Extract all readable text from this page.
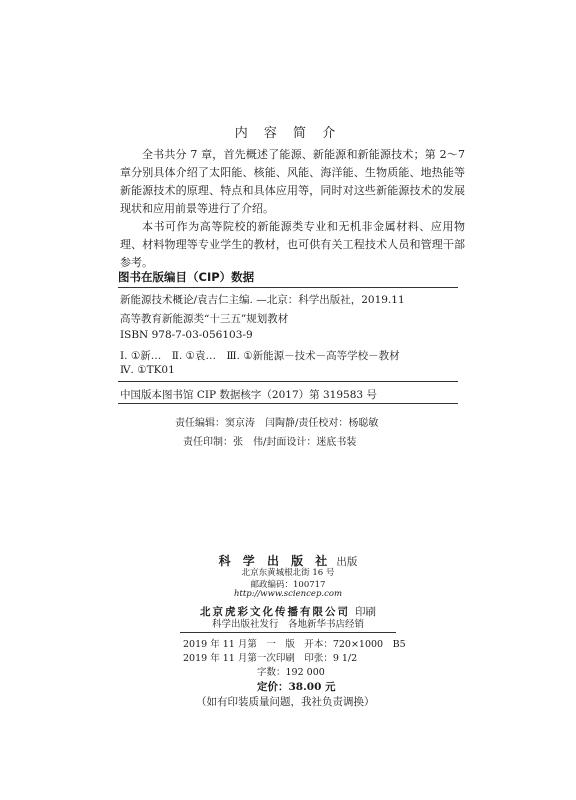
内 容 简 介

全书共分 7 章，首先概述了能源、新能源和新能源技术；第 2～7 章分别具体介绍了太阳能、核能、风能、海洋能、生物质能、地热能等新能源技术的原理、特点和具体应用等，同时对这些新能源技术的发展现状和应用前景等进行了介绍。

本书可作为高等院校的新能源类专业和无机非金属材料、应用物理、材料物理等专业学生的教材，也可供有关工程技术人员和管理干部参考。

图书在版编目（CIP）数据
新能源技术概论/袁吉仁主编. —北京：科学出版社，2019.11
高等教育新能源类“十三五”规划教材
ISBN 978-7-03-056103-9
Ⅰ. ①新…　Ⅱ. ①袁…　Ⅲ. ①新能源－技术－高等学校－教材
Ⅳ. ①TK01
中国版本图书馆 CIP 数据核字（2017）第 319583 号
责任编辑：窦京涛　闫陶静/责任校对：杨聪敏
责任印制：张　伟/封面设计：迷底书装
科 学 出 版 社 出版
北京东黄城根北街 16 号
邮政编码：100717
http://www.sciencep.com
北京虎彩文化传播有限公司 印刷
科学出版社发行　各地新华书店经销
2019 年 11 月第　一　版　开本：720×1000　B5
2019 年 11 月第一次印刷　印张：9 1/2
字数：192 000
定价：38.00 元
（如有印装质量问题，我社负责调换）
